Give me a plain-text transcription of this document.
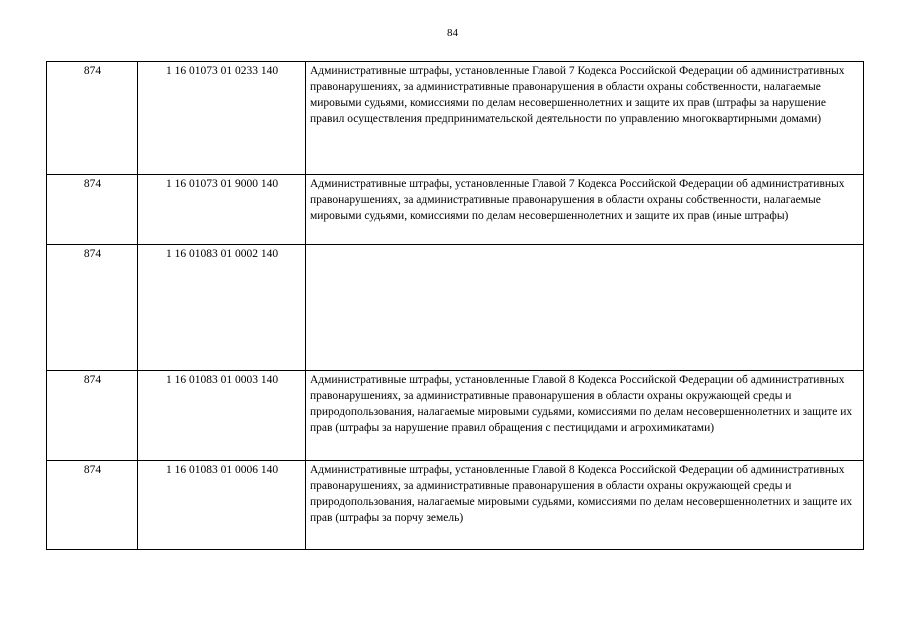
84
874	1 16 01073 01 0233 140	Административные штрафы, установленные Главой 7 Кодекса Российской Федерации об административных правонарушениях, за административные правонарушения в области охраны собственности, налагаемые мировыми судьями, комиссиями по делам несовершеннолетних и защите их прав (штрафы за нарушение правил осуществления предпринимательской деятельности по управлению многоквартирными домами)
874	1 16 01073 01 9000 140	Административные штрафы, установленные Главой 7 Кодекса Российской Федерации об административных правонарушениях, за административные правонарушения в области охраны собственности, налагаемые мировыми судьями, комиссиями по делам несовершеннолетних и защите их прав (иные штрафы)
874	1 16 01083 01 0002 140	
874	1 16 01083 01 0003 140	Административные штрафы, установленные Главой 8 Кодекса Российской Федерации об административных правонарушениях, за административные правонарушения в области охраны окружающей среды и природопользования, налагаемые мировыми судьями, комиссиями по делам несовершеннолетних и защите их прав (штрафы за нарушение правил обращения с пестицидами и агрохимикатами)
874	1 16 01083 01 0006 140	Административные штрафы, установленные Главой 8 Кодекса Российской Федерации об административных правонарушениях, за административные правонарушения в области охраны окружающей среды и природопользования, налагаемые мировыми судьями, комиссиями по делам несовершеннолетних и защите их прав (штрафы за порчу земель)
